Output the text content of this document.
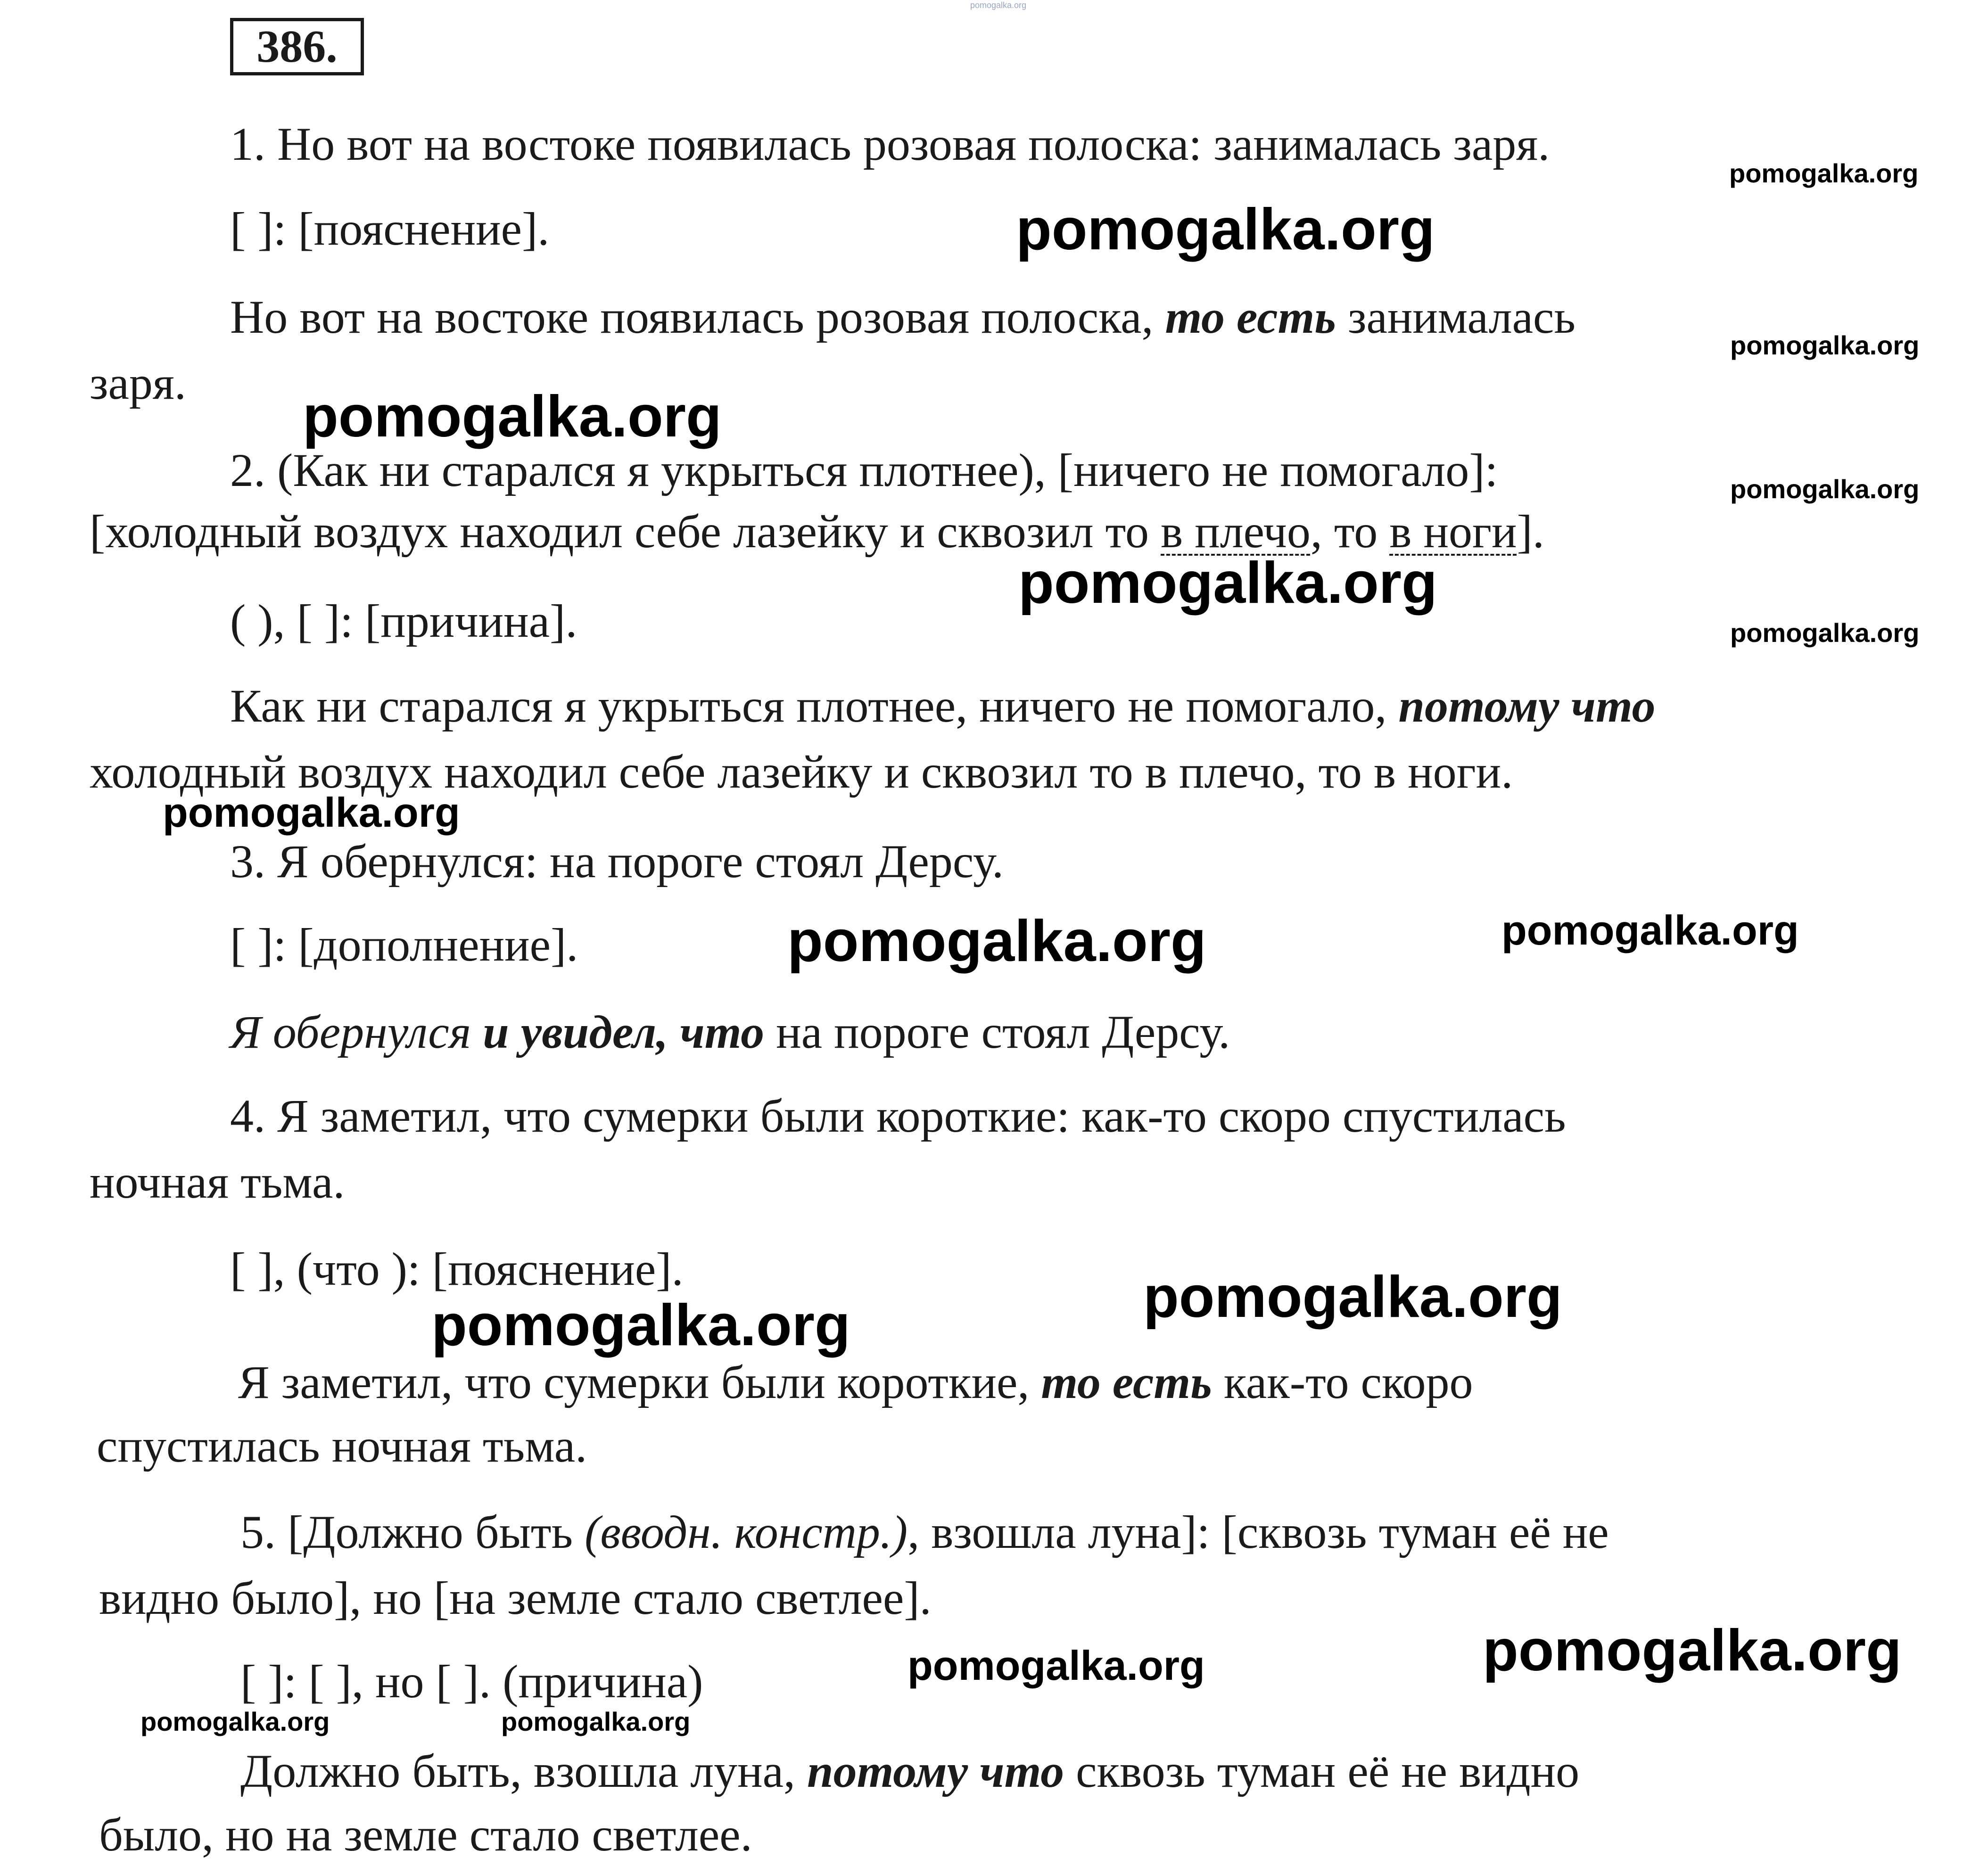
pomogalka.org
386.

1. Но вот на востоке появилась розовая полоска: занималась заря.

[ ]: [пояснение].

Но вот на востоке появилась розовая полоска, то есть занималась

заря.

2. (Как ни старался я укрыться плотнее), [ничего не помогало]:

[холодный воздух находил себе лазейку и сквозил то в плечо, то в ноги].

( ), [ ]: [причина].

Как ни старался я укрыться плотнее, ничего не помогало, потому что

холодный воздух находил себе лазейку и сквозил то в плечо, то в ноги.

3. Я обернулся: на пороге стоял Дерсу.

[ ]: [дополнение].

Я обернулся и увидел, что на пороге стоял Дерсу.

4. Я заметил, что сумерки были короткие: как-то скоро спустилась

ночная тьма.

[ ], (что ): [пояснение].

Я заметил, что сумерки были короткие, то есть как-то скоро

спустилась ночная тьма.

5. [Должно быть (вводн. констр.), взошла луна]: [сквозь туман её не

видно было], но [на земле стало светлее].

[ ]: [ ], но [ ]. (причина)

Должно быть, взошла луна, потому что сквозь туман её не видно

было, но на земле стало светлее.

pomogalka.org
pomogalka.org
pomogalka.org
pomogalka.org
pomogalka.org
pomogalka.org
pomogalka.org
pomogalka.org
pomogalka.org	pomogalka.org
pomogalka.org	pomogalka.org
pomogalka.org
pomogalka.org
pomogalka.org	pomogalka.org
